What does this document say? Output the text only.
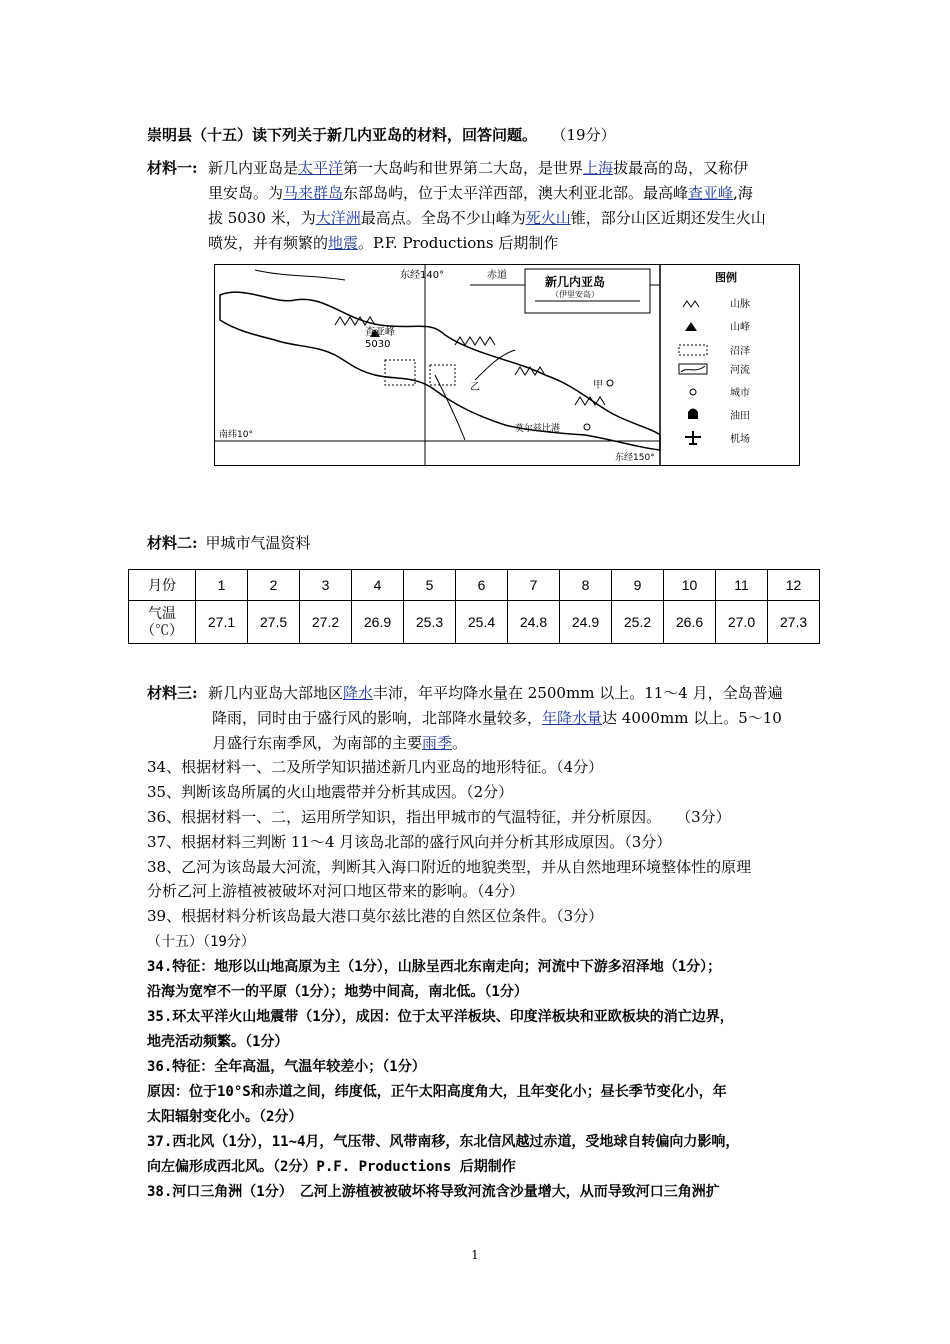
崇明县（十五）读下列关于新几内亚岛的材料，回答问题。 （19分）
材料一: 新几内亚岛是太平洋第一大岛屿和世界第二大岛，是世界上海拔最高的岛，又称伊
里安岛。为马来群岛东部岛屿，位于太平洋西部，澳大利亚北部。最高峰查亚峰,海
拔 5030 米，为大洋洲最高点。全岛不少山峰为死火山锥，部分山区近期还发生火山
喷发，并有频繁的地震。P.F. Productions 后期制作
东经140°	赤道	新几内亚岛
（伊里安岛）
查亚峰
5030
南纬10°
莫尔兹比港
东经150°
乙	甲
图例
山脉
山峰
沼泽
河流
城市
油田
机场
材料二: 甲城市气温资料
月份	1	2	3	4	5	6	7	8	9	10	11	12

气温
（℃）	27.1	27.5	27.2	26.9	25.3	25.4	24.8	24.9	25.2	26.6	27.0	27.3
材料三: 新几内亚岛大部地区降水丰沛，年平均降水量在 2500mm 以上。11～4 月，全岛普遍
降雨，同时由于盛行风的影响，北部降水量较多，年降水量达 4000mm 以上。5～10
月盛行东南季风，为南部的主要雨季。
34、根据材料一、二及所学知识描述新几内亚岛的地形特征。（4分）
35、判断该岛所属的火山地震带并分析其成因。（2分）
36、根据材料一、二，运用所学知识，指出甲城市的气温特征，并分析原因。　　（3分）
37、根据材料三判断 11～4 月该岛北部的盛行风向并分析其形成原因。（3分）
38、乙河为该岛最大河流，判断其入海口附近的地貌类型，并从自然地理环境整体性的原理
分析乙河上游植被被破坏对河口地区带来的影响。（4分）
39、根据材料分析该岛最大港口莫尔兹比港的自然区位条件。（3分）
（十五）（19分）
34.特征：地形以山地高原为主（1分），山脉呈西北东南走向；河流中下游多沼泽地（1分）；
沿海为宽窄不一的平原（1分）；地势中间高，南北低。（1分）
35.环太平洋火山地震带（1分），成因：位于太平洋板块、印度洋板块和亚欧板块的消亡边界，
地壳活动频繁。（1分）
36.特征：全年高温，气温年较差小；（1分）
原因：位于10°S和赤道之间，纬度低，正午太阳高度角大，且年变化小；昼长季节变化小，年
太阳辐射变化小。（2分）
37.西北风（1分），11~4月，气压带、风带南移，东北信风越过赤道，受地球自转偏向力影响，
向左偏形成西北风。（2分）P.F. Productions 后期制作
38.河口三角洲（1分）　乙河上游植被被破坏将导致河流含沙量增大，从而导致河口三角洲扩
1
